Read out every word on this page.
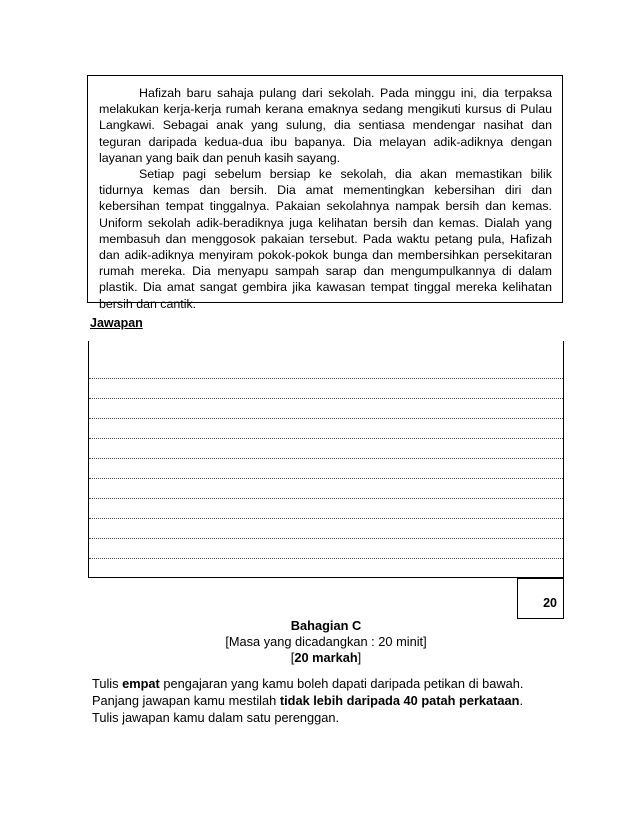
Hafizah baru sahaja pulang dari sekolah. Pada minggu ini, dia terpaksa melakukan kerja-kerja rumah kerana emaknya sedang mengikuti kursus di Pulau Langkawi. Sebagai anak yang sulung, dia sentiasa mendengar nasihat dan teguran daripada kedua-dua ibu bapanya. Dia melayan adik-adiknya dengan layanan yang baik dan penuh kasih sayang.

Setiap pagi sebelum bersiap ke sekolah, dia akan memastikan bilik tidurnya kemas dan bersih. Dia amat mementingkan kebersihan diri dan kebersihan tempat tinggalnya. Pakaian sekolahnya nampak bersih dan kemas. Uniform sekolah adik-beradiknya juga kelihatan bersih dan kemas. Dialah yang membasuh dan menggosok pakaian tersebut. Pada waktu petang pula, Hafizah dan adik-adiknya menyiram pokok-pokok bunga dan membersihkan persekitaran rumah mereka. Dia menyapu sampah sarap dan mengumpulkannya di dalam plastik. Dia amat sangat gembira jika kawasan tempat tinggal mereka kelihatan bersih dan cantik.

Jawapan
20
Bahagian C
[Masa yang dicadangkan : 20 minit]
[20 markah]
Tulis empat pengajaran yang kamu boleh dapati daripada petikan di bawah.
Panjang jawapan kamu mestilah tidak lebih daripada 40 patah perkataan.
Tulis jawapan kamu dalam satu perenggan.
